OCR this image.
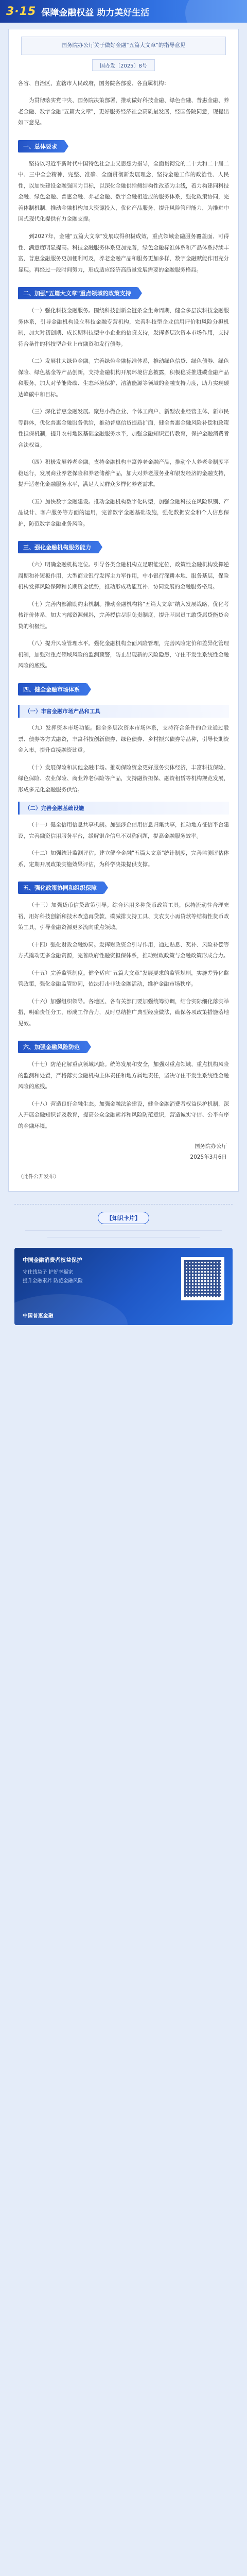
3·15 保障金融权益 助力美好生活
国务院办公厅关于做好金融"五篇大文章"的指导意见
国办发〔2025〕8号

各省、自治区、直辖市人民政府，国务院各部委、各直属机构：

为贯彻落实党中央、国务院决策部署，推动做好科技金融、绿色金融、普惠金融、养老金融、数字金融"五篇大文章"，更好服务经济社会高质量发展，经国务院同意，现提出如下意见。

一、总体要求

坚持以习近平新时代中国特色社会主义思想为指导，全面贯彻党的二十大和二十届二中、三中全会精神，完整、准确、全面贯彻新发展理念，坚持金融工作的政治性、人民性，以加快建设金融强国为目标，以深化金融供给侧结构性改革为主线，着力构建同科技金融、绿色金融、普惠金融、养老金融、数字金融相适应的服务体系，强化政策协同，完善体制机制，推动金融机构加大资源投入，优化产品服务，提升风险管理能力，为推进中国式现代化提供有力金融支撑。

到2027年，金融"五篇大文章"发展取得积极成效，重点领域金融服务覆盖面、可得性、满意度明显提高。科技金融服务体系更加完善，绿色金融标准体系和产品体系持续丰富，普惠金融服务更加便利可及，养老金融产品和服务更加多样，数字金融赋能作用充分显现。再经过一段时间努力，形成适应经济高质量发展需要的金融服务格局。

二、加强"五篇大文章"重点领域的政策支持

（一）强化科技金融服务。围绕科技创新全链条全生命周期，健全多层次科技金融服务体系，引导金融机构设立科技金融专营机构，完善科技型企业信用评价和风险分担机制，加大对初创期、成长期科技型中小企业的信贷支持，发挥多层次资本市场作用，支持符合条件的科技型企业上市融资和发行债券。

（二）发展壮大绿色金融。完善绿色金融标准体系，推动绿色信贷、绿色债券、绿色保险、绿色基金等产品创新，支持金融机构开展环境信息披露，积极稳妥推进碳金融产品和服务，加大对节能降碳、生态环境保护、清洁能源等领域的金融支持力度，助力实现碳达峰碳中和目标。

（三）深化普惠金融发展。聚焦小微企业、个体工商户、新型农业经营主体、新市民等群体，优化普惠金融服务供给，推动普惠信贷提质扩面，健全普惠金融风险补偿和政策性担保机制，提升农村地区基础金融服务水平，加强金融知识宣传教育，保护金融消费者合法权益。

（四）积极发展养老金融。支持金融机构丰富养老金融产品，推动个人养老金制度平稳运行，发展商业养老保险和养老储蓄产品，加大对养老服务业和银发经济的金融支持，提升适老化金融服务水平，满足人民群众多样化养老需求。

（五）加快数字金融建设。推动金融机构数字化转型，加强金融科技在风险识别、产品设计、客户服务等方面的运用，完善数字金融基础设施，强化数据安全和个人信息保护，防范数字金融业务风险。

三、强化金融机构服务能力

（六）明确金融机构定位。引导各类金融机构立足职能定位，政策性金融机构发挥逆周期和补短板作用，大型商业银行发挥主力军作用，中小银行深耕本地、服务基层，保险机构发挥风险保障和长期资金优势，推动形成功能互补、协同发展的金融服务格局。

（七）完善内部激励约束机制。推动金融机构将"五篇大文章"纳入发展战略，优化考核评价体系，加大内部资源倾斜，完善授信尽职免责制度，提升基层员工敢贷愿贷能贷会贷的积极性。

（八）提升风险管理水平。强化金融机构全面风险管理，完善风险定价和差异化管理机制，加强对重点领域风险的监测预警，防止出现新的风险隐患，守住不发生系统性金融风险的底线。

四、健全金融市场体系
（一）丰富金融市场产品和工具

（九）发挥资本市场功能。健全多层次资本市场体系，支持符合条件的企业通过股票、债券等方式融资，丰富科技创新债券、绿色债券、乡村振兴债券等品种，引导长期资金入市，提升直接融资比重。

（十）发展保险和其他金融市场。推动保险资金更好服务实体经济，丰富科技保险、绿色保险、农业保险、商业养老保险等产品，支持融资担保、融资租赁等机构规范发展，形成多元化金融服务供给。

（二）完善金融基础设施

（十一）健全信用信息共享机制。加强涉企信用信息归集共享，推动地方征信平台建设，完善融资信用服务平台，缓解银企信息不对称问题，提高金融服务效率。

（十二）加强统计监测评估。建立健全金融"五篇大文章"统计制度，完善监测评估体系，定期开展政策实施效果评估，为科学决策提供支撑。

五、强化政策协同和组织保障

（十三）加强货币信贷政策引导。综合运用多种货币政策工具，保持流动性合理充裕，用好科技创新和技术改造再贷款、碳减排支持工具、支农支小再贷款等结构性货币政策工具，引导金融资源更多流向重点领域。

（十四）强化财政金融协同。发挥财政资金引导作用，通过贴息、奖补、风险补偿等方式撬动更多金融资源，完善政府性融资担保体系，推动财政政策与金融政策形成合力。

（十五）完善监管制度。健全适应"五篇大文章"发展要求的监管规则，实施差异化监管政策，强化金融监管协同，依法打击非法金融活动，维护金融市场秩序。

（十六）加强组织领导。各地区、各有关部门要加强统筹协调，结合实际细化落实举措，明确责任分工，形成工作合力，及时总结推广典型经验做法，确保各项政策措施落地见效。

六、加强金融风险防范

（十七）防范化解重点领域风险。统筹发展和安全，加强对重点领域、重点机构风险的监测和处置，严格落实金融机构主体责任和地方属地责任，坚决守住不发生系统性金融风险的底线。

（十八）营造良好金融生态。加强金融法治建设，健全金融消费者权益保护机制，深入开展金融知识普及教育，提高公众金融素养和风险防范意识，营造诚实守信、公平有序的金融环境。

国务院办公厅
2025年3月6日

（此件公开发布）

【知识卡片】
中国金融消费者权益保护
守住钱袋子 护好幸福家
提升金融素养 防范金融风险
中国普惠金融
